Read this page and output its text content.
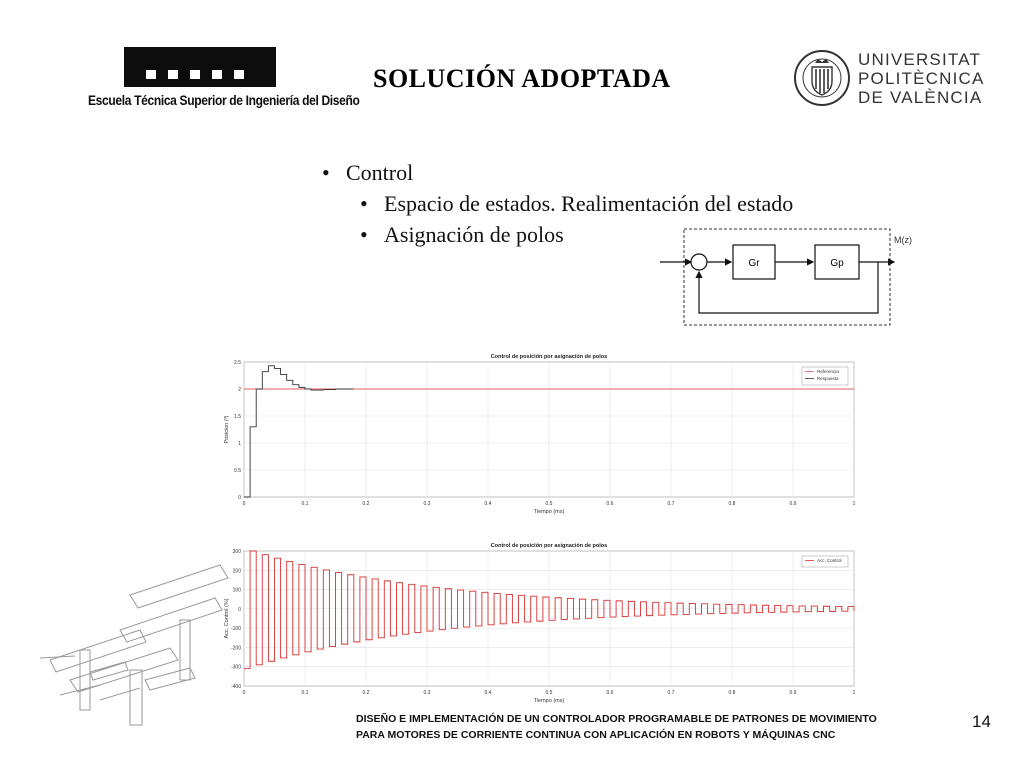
Escuela Técnica Superior de Ingeniería del Diseño
SOLUCIÓN ADOPTADA
UNIVERSITAT
POLITÈCNICA
DE VALÈNCIA
• Control
• Espacio de estados. Realimentación del estado
• Asignación de polos
Gr	Gp
M(z)
Control de posición por asignación de polos
0	0.1	0.2	0.3	0.4	0.5	0.6	0.7	0.8	0.9	1
0
0.5
1
1.5
2
2.5
Tiempo (ms)
Posicion (º)
Referencia
Respuesta
Control de posición por asignación de polos
0	0.1	0.2	0.3	0.4	0.5	0.6	0.7	0.8	0.9	1
300
200
100
0
-100
-200
-300
-400
Tiempo (ms)
Acc. Control (%)
Acc. Control
DISEÑO E IMPLEMENTACIÓN DE UN CONTROLADOR PROGRAMABLE DE PATRONES DE MOVIMIENTO
PARA MOTORES DE CORRIENTE CONTINUA CON APLICACIÓN EN ROBOTS Y MÁQUINAS CNC
14
